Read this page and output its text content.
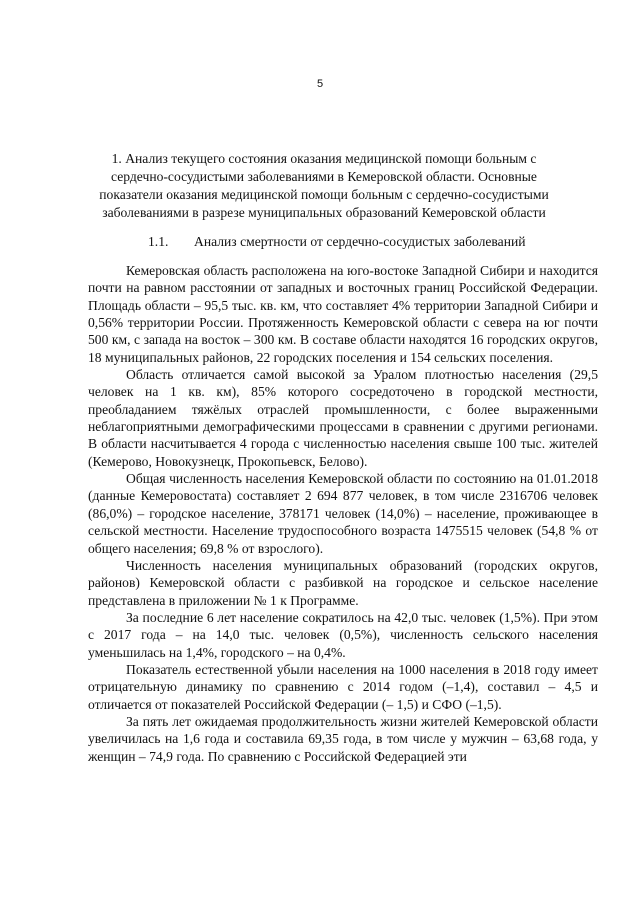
5
1. Анализ текущего состояния оказания медицинской помощи больным с сердечно-сосудистыми заболеваниями в Кемеровской области. Основные показатели оказания медицинской помощи больным с сердечно-сосудистыми заболеваниями в разрезе муниципальных образований Кемеровской области
1.1. Анализ смертности от сердечно-сосудистых заболеваний

Кемеровская область расположена на юго-востоке Западной Сибири и находится почти на равном расстоянии от западных и восточных границ Российской Федерации. Площадь области – 95,5 тыс. кв. км, что составляет 4% территории Западной Сибири и 0,56% территории России. Протяженность Кемеровской области с севера на юг почти 500 км, с запада на восток – 300 км. В составе области находятся 16 городских округов, 18 муниципальных районов, 22 городских поселения и 154 сельских поселения.

Область отличается самой высокой за Уралом плотностью населения (29,5 человек на 1 кв. км), 85% которого сосредоточено в городской местности, преобладанием тяжёлых отраслей промышленности, с более выраженными неблагоприятными демографическими процессами в сравнении с другими регионами. В области насчитывается 4 города с численностью населения свыше 100 тыс. жителей (Кемерово, Новокузнецк, Прокопьевск, Белово).

Общая численность населения Кемеровской области по состоянию на 01.01.2018 (данные Кемеровостата) составляет 2 694 877 человек, в том числе 2316706 человек (86,0%) – городское население, 378171 человек (14,0%) – население, проживающее в сельской местности. Население трудоспособного возраста 1475515 человек (54,8 % от общего населения; 69,8 % от взрослого).

Численность населения муниципальных образований (городских округов, районов) Кемеровской области с разбивкой на городское и сельское население представлена в приложении № 1 к Программе.

За последние 6 лет население сократилось на 42,0 тыс. человек (1,5%). При этом с 2017 года – на 14,0 тыс. человек (0,5%), численность сельского населения уменьшилась на 1,4%, городского – на 0,4%.

Показатель естественной убыли населения на 1000 населения в 2018 году имеет отрицательную динамику по сравнению с 2014 годом (–1,4), составил – 4,5 и отличается от показателей Российской Федерации (– 1,5) и СФО (–1,5).

За пять лет ожидаемая продолжительность жизни жителей Кемеровской области увеличилась на 1,6 года и составила 69,35 года, в том числе у мужчин – 63,68 года, у женщин – 74,9 года. По сравнению с Российской Федерацией эти
